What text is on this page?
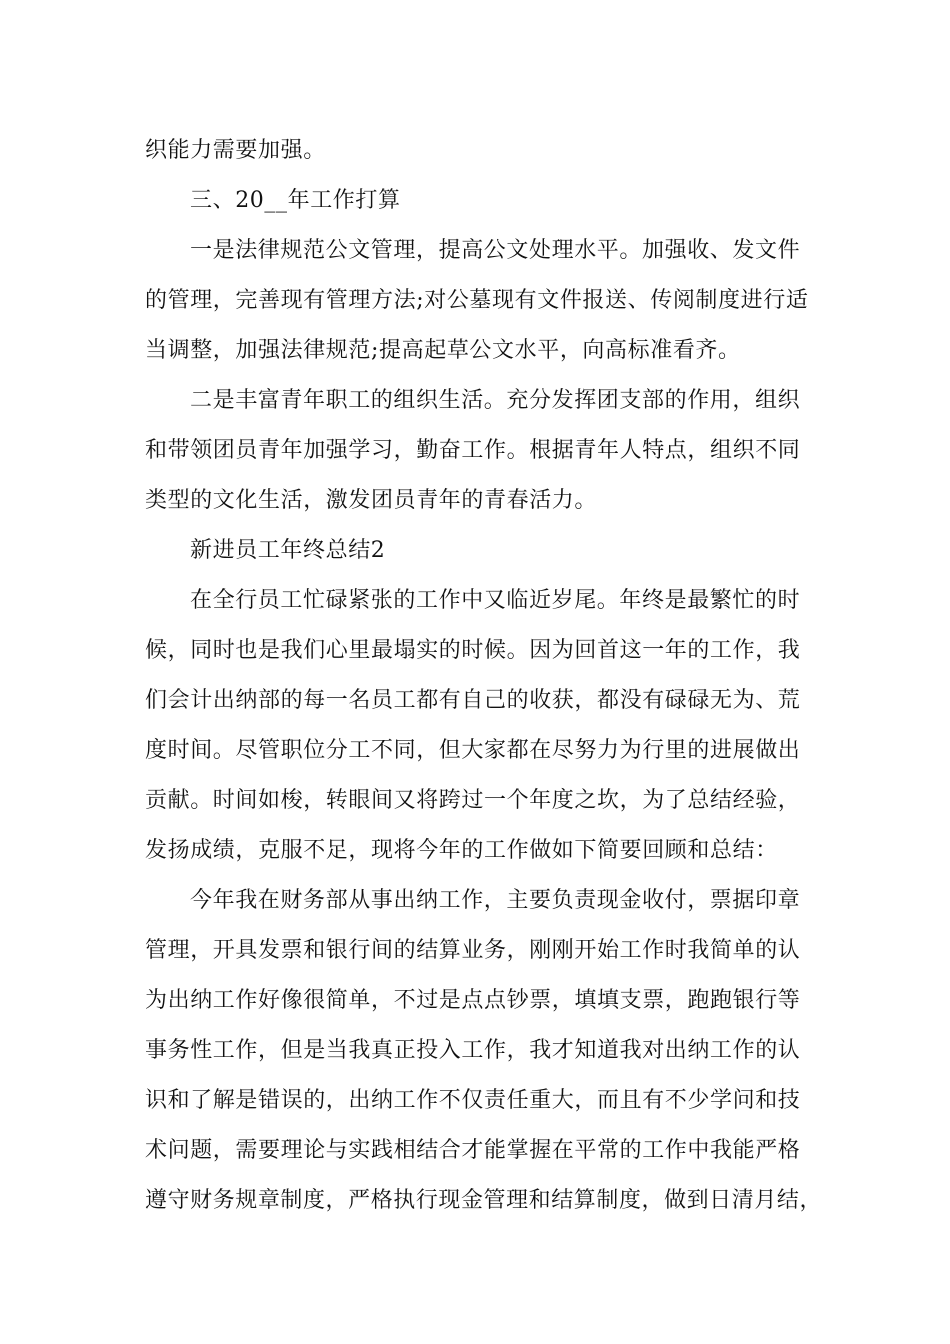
织能力需要加强。
三、20__年工作打算
一是法律规范公文管理，提高公文处理水平。加强收、发文件
的管理，完善现有管理方法;对公墓现有文件报送、传阅制度进行适
当调整，加强法律规范;提高起草公文水平，向高标准看齐。
二是丰富青年职工的组织生活。充分发挥团支部的作用，组织
和带领团员青年加强学习，勤奋工作。根据青年人特点，组织不同
类型的文化生活，激发团员青年的青春活力。
新进员工年终总结2
在全行员工忙碌紧张的工作中又临近岁尾。年终是最繁忙的时
候，同时也是我们心里最塌实的时候。因为回首这一年的工作，我
们会计出纳部的每一名员工都有自己的收获，都没有碌碌无为、荒
度时间。尽管职位分工不同，但大家都在尽努力为行里的进展做出
贡献。时间如梭，转眼间又将跨过一个年度之坎，为了总结经验，
发扬成绩，克服不足，现将今年的工作做如下简要回顾和总结：
今年我在财务部从事出纳工作，主要负责现金收付，票据印章
管理，开具发票和银行间的结算业务，刚刚开始工作时我简单的认
为出纳工作好像很简单，不过是点点钞票，填填支票，跑跑银行等
事务性工作，但是当我真正投入工作，我才知道我对出纳工作的认
识和了解是错误的，出纳工作不仅责任重大，而且有不少学问和技
术问题，需要理论与实践相结合才能掌握在平常的工作中我能严格
遵守财务规章制度，严格执行现金管理和结算制度，做到日清月结，
